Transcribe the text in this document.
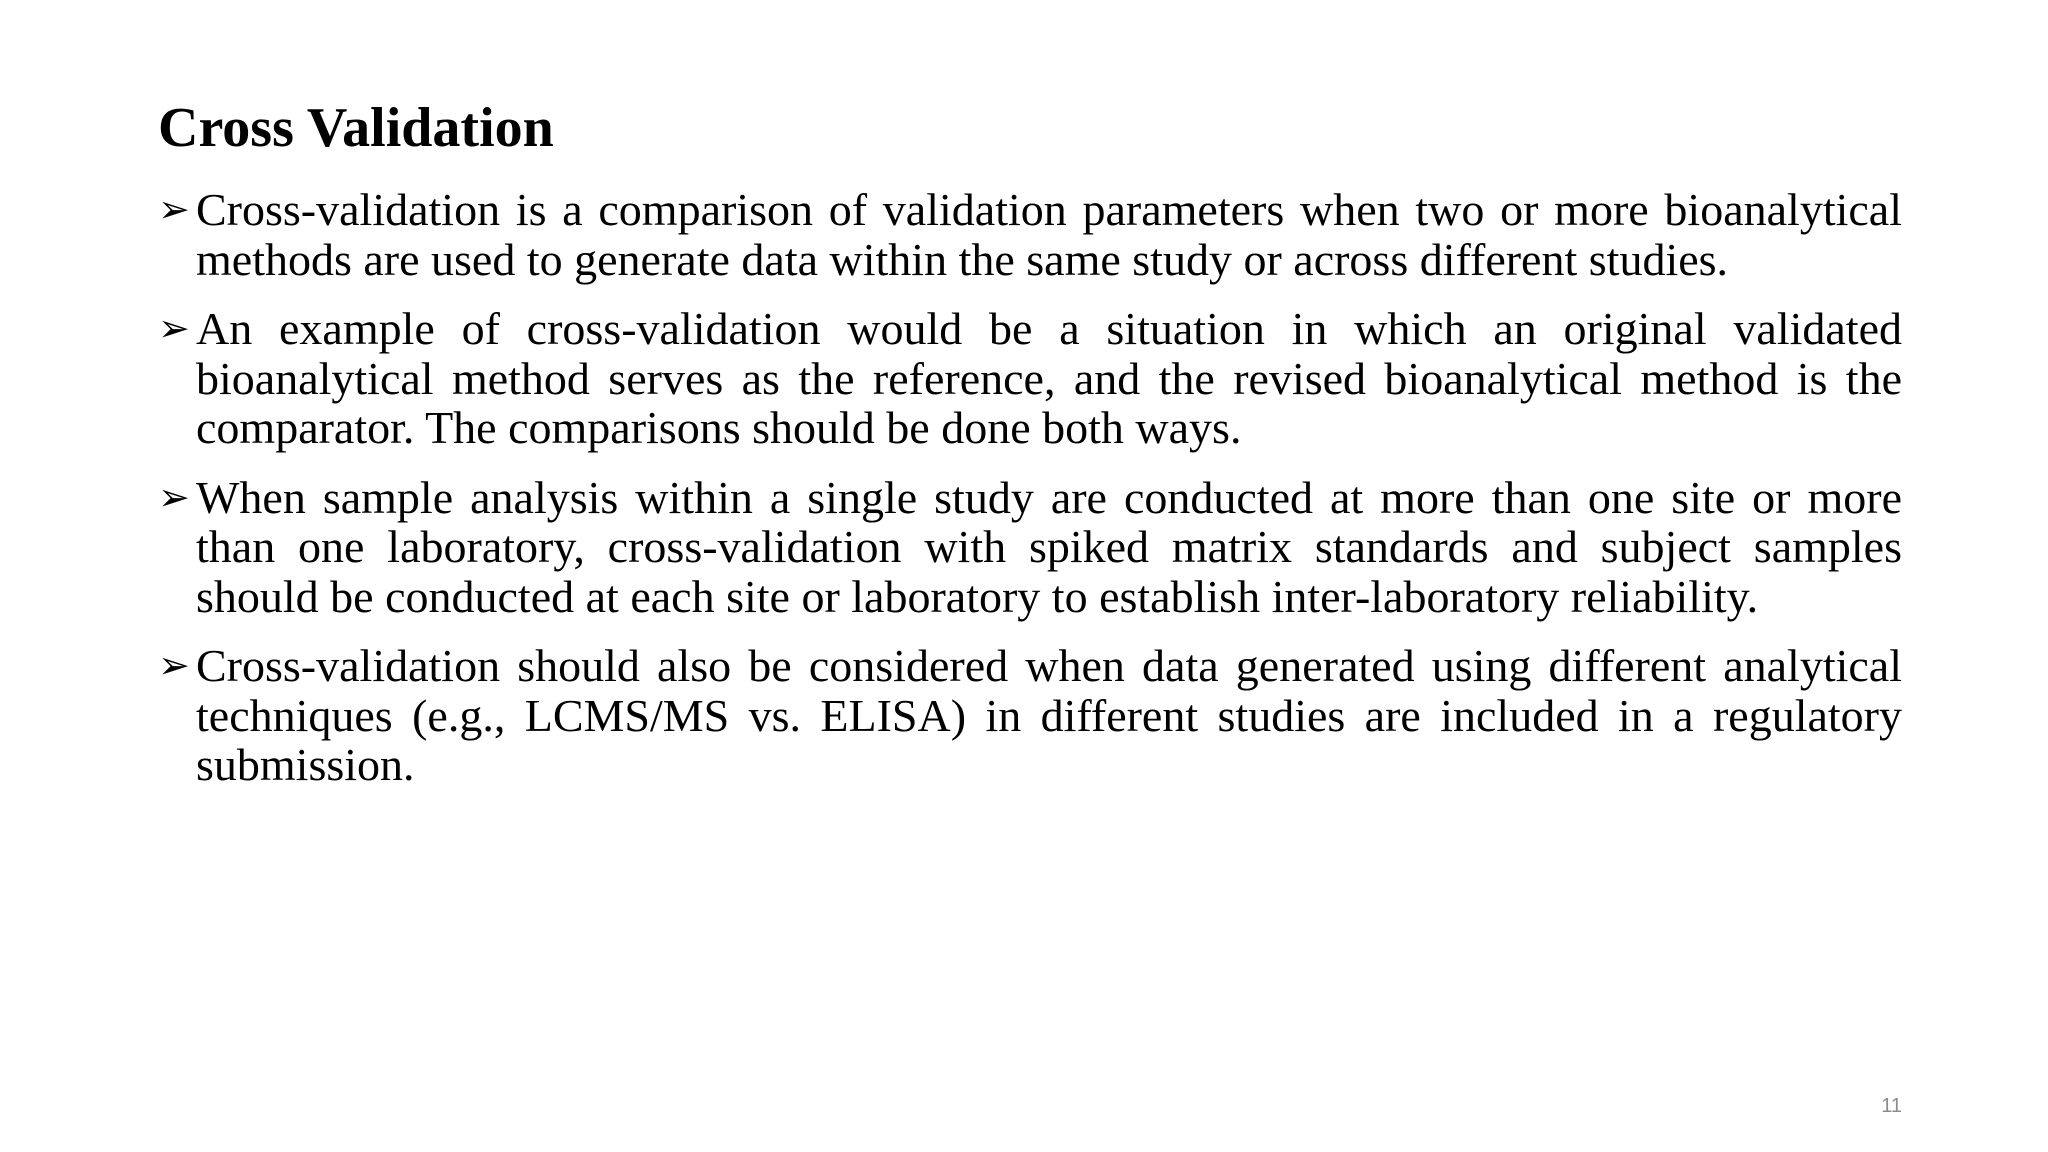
Cross Validation
➢ Cross-validation is a comparison of validation parameters when two or more bioanalytical methods are used to generate data within the same study or across different studies.
➢ An example of cross-validation would be a situation in which an original validated bioanalytical method serves as the reference, and the revised bioanalytical method is the comparator. The comparisons should be done both ways.
➢ When sample analysis within a single study are conducted at more than one site or more than one laboratory, cross-validation with spiked matrix standards and subject samples should be conducted at each site or laboratory to establish inter-laboratory reliability.
➢ Cross-validation should also be considered when data generated using different analytical techniques (e.g., LCMS/MS vs. ELISA) in different studies are included in a regulatory submission.
11
